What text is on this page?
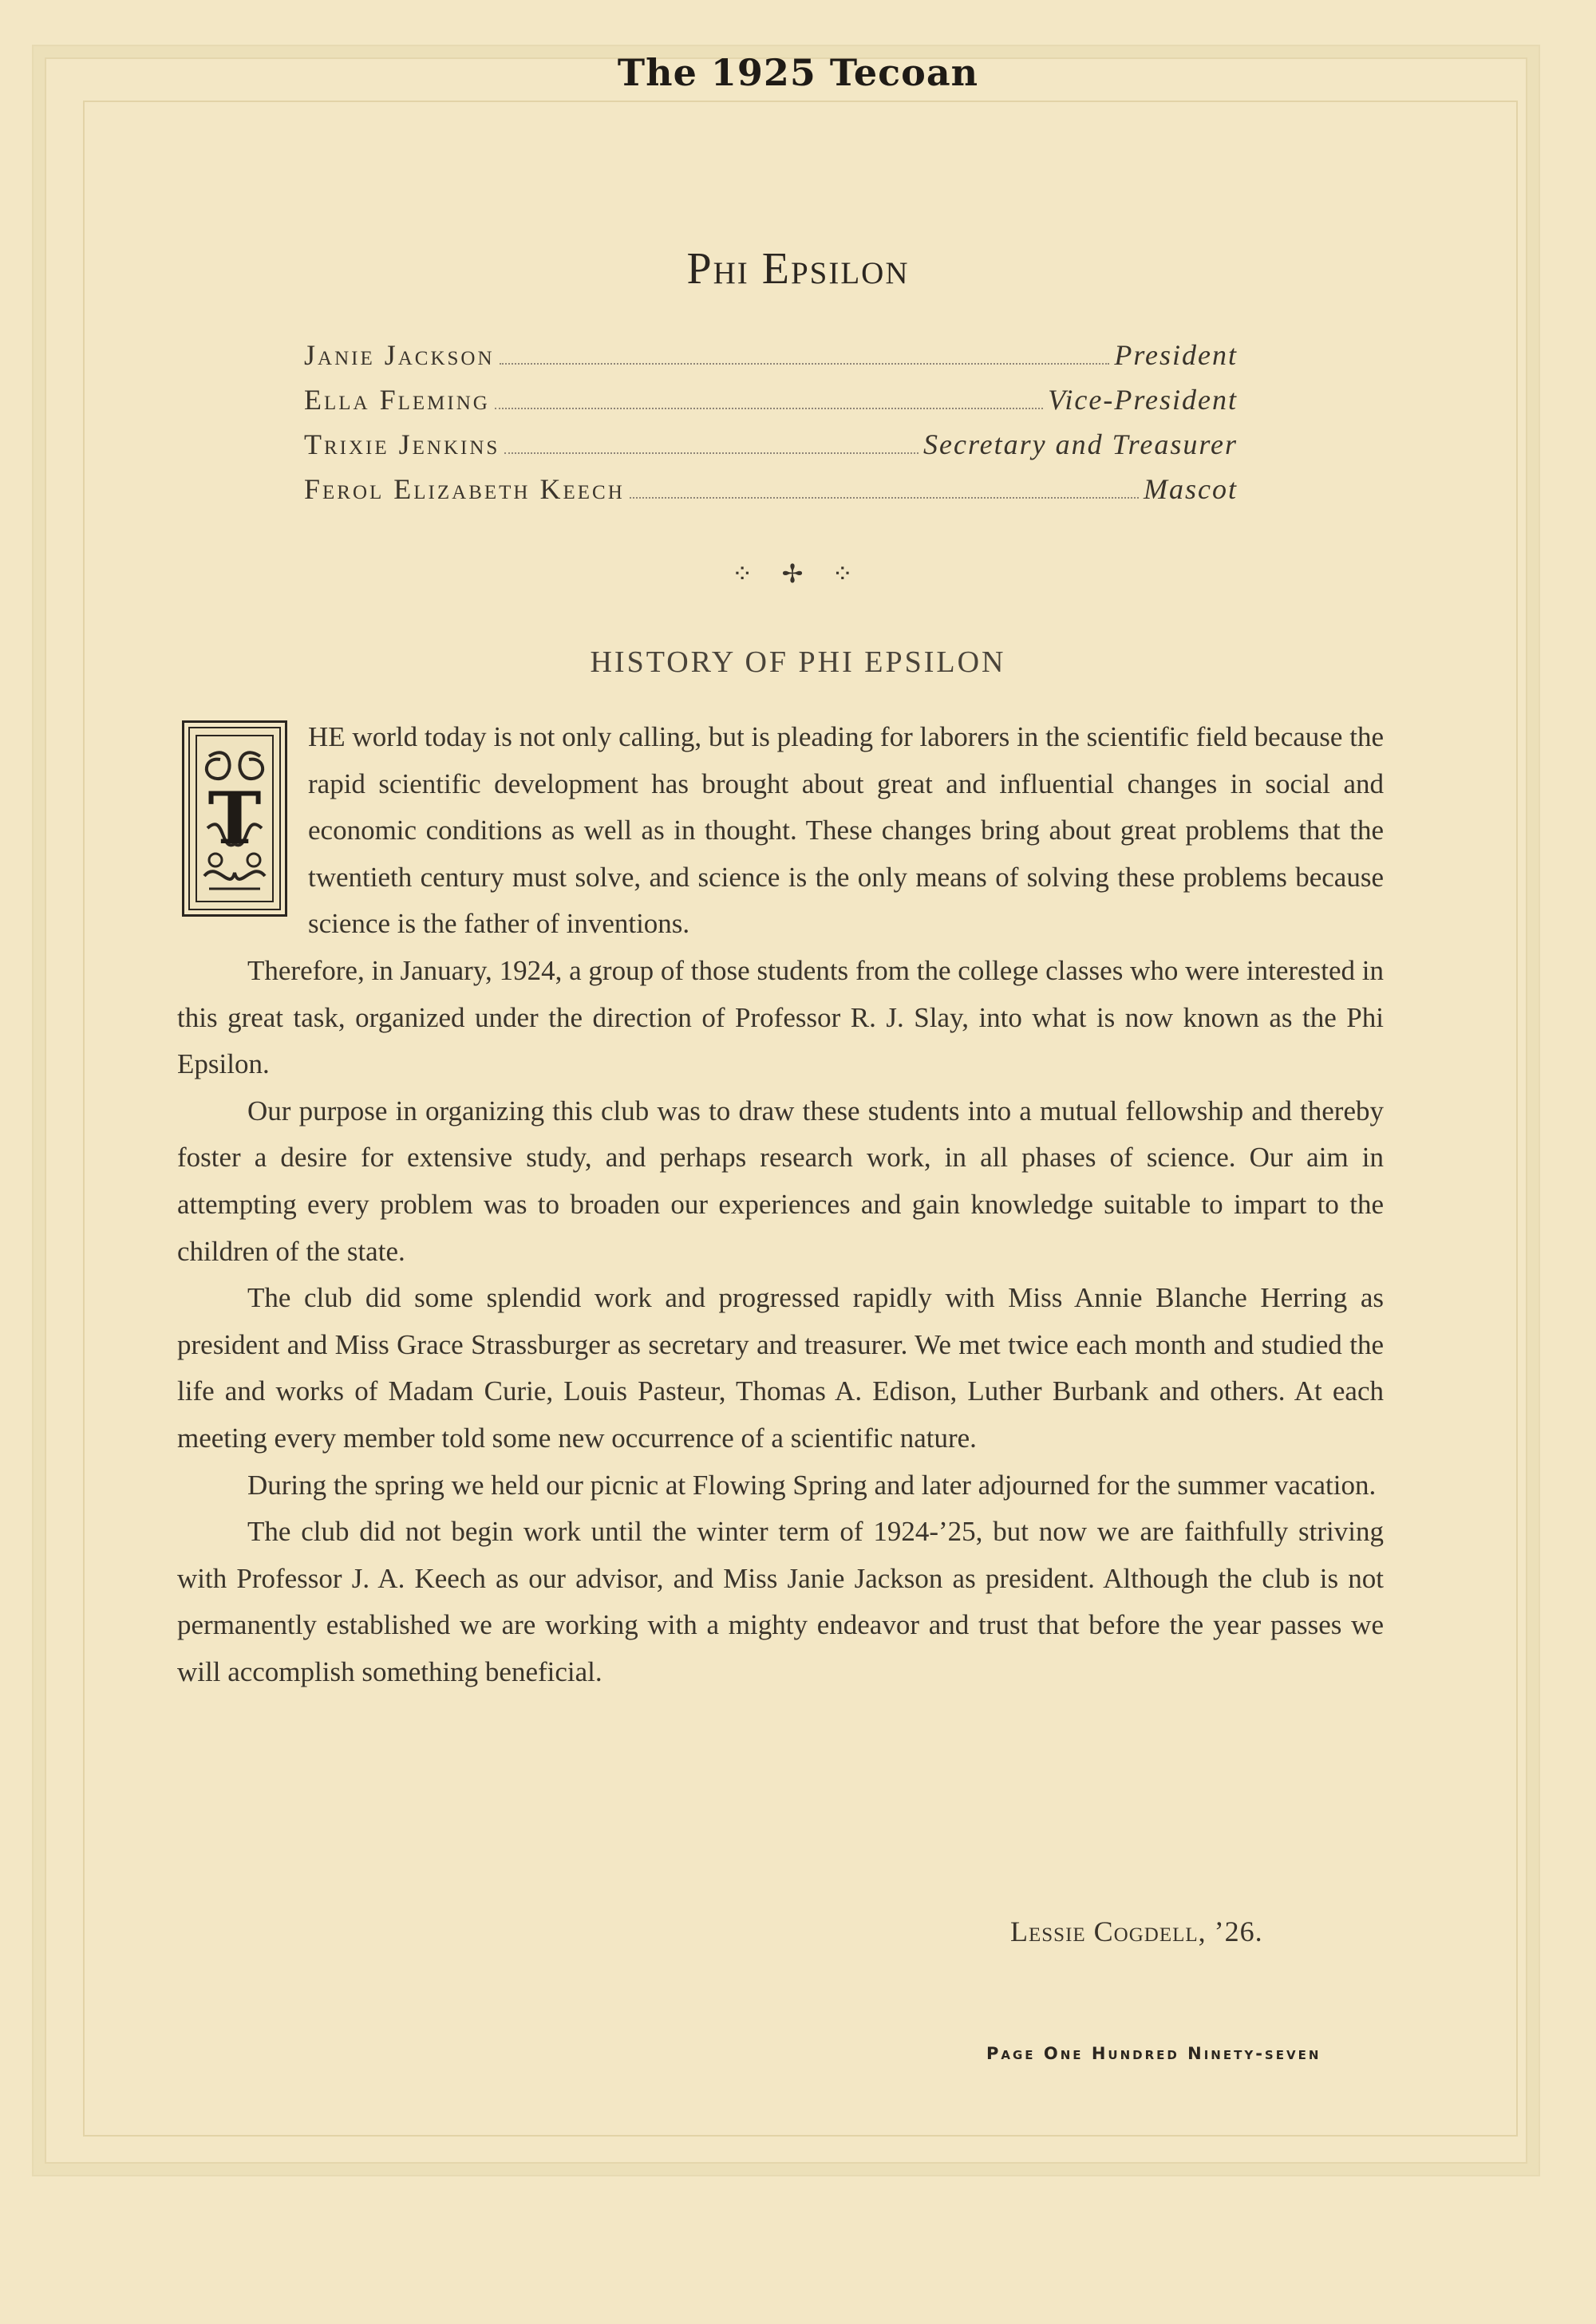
The 1925 Tecoan
Phi Epsilon
Janie Jackson	President
Ella Fleming	Vice-President
Trixie Jenkins	Secretary and Treasurer
Ferol Elizabeth Keech	Mascot
⁘ ✢ ⁘
HISTORY OF PHI EPSILON
T

HE world today is not only calling, but is pleading for laborers in the scientific field because the rapid scientific development has brought about great and influential changes in social and economic conditions as well as in thought. These changes bring about great problems that the twentieth century must solve, and science is the only means of solving these problems because science is the father of inventions.

Therefore, in January, 1924, a group of those students from the college classes who were interested in this great task, organized under the direction of Professor R. J. Slay, into what is now known as the Phi Epsilon.

Our purpose in organizing this club was to draw these students into a mutual fellowship and thereby foster a desire for extensive study, and perhaps research work, in all phases of science. Our aim in attempting every problem was to broaden our experiences and gain knowledge suitable to impart to the children of the state.

The club did some splendid work and progressed rapidly with Miss Annie Blanche Herring as president and Miss Grace Strassburger as secretary and treasurer. We met twice each month and studied the life and works of Madam Curie, Louis Pasteur, Thomas A. Edison, Luther Burbank and others. At each meeting every member told some new occurrence of a scientific nature.

During the spring we held our picnic at Flowing Spring and later adjourned for the summer vacation.

The club did not begin work until the winter term of 1924-’25, but now we are faithfully striving with Professor J. A. Keech as our advisor, and Miss Janie Jackson as president. Although the club is not permanently established we are working with a mighty endeavor and trust that before the year passes we will accomplish something beneficial.

Lessie Cogdell, ’26.
Page One Hundred Ninety-seven
